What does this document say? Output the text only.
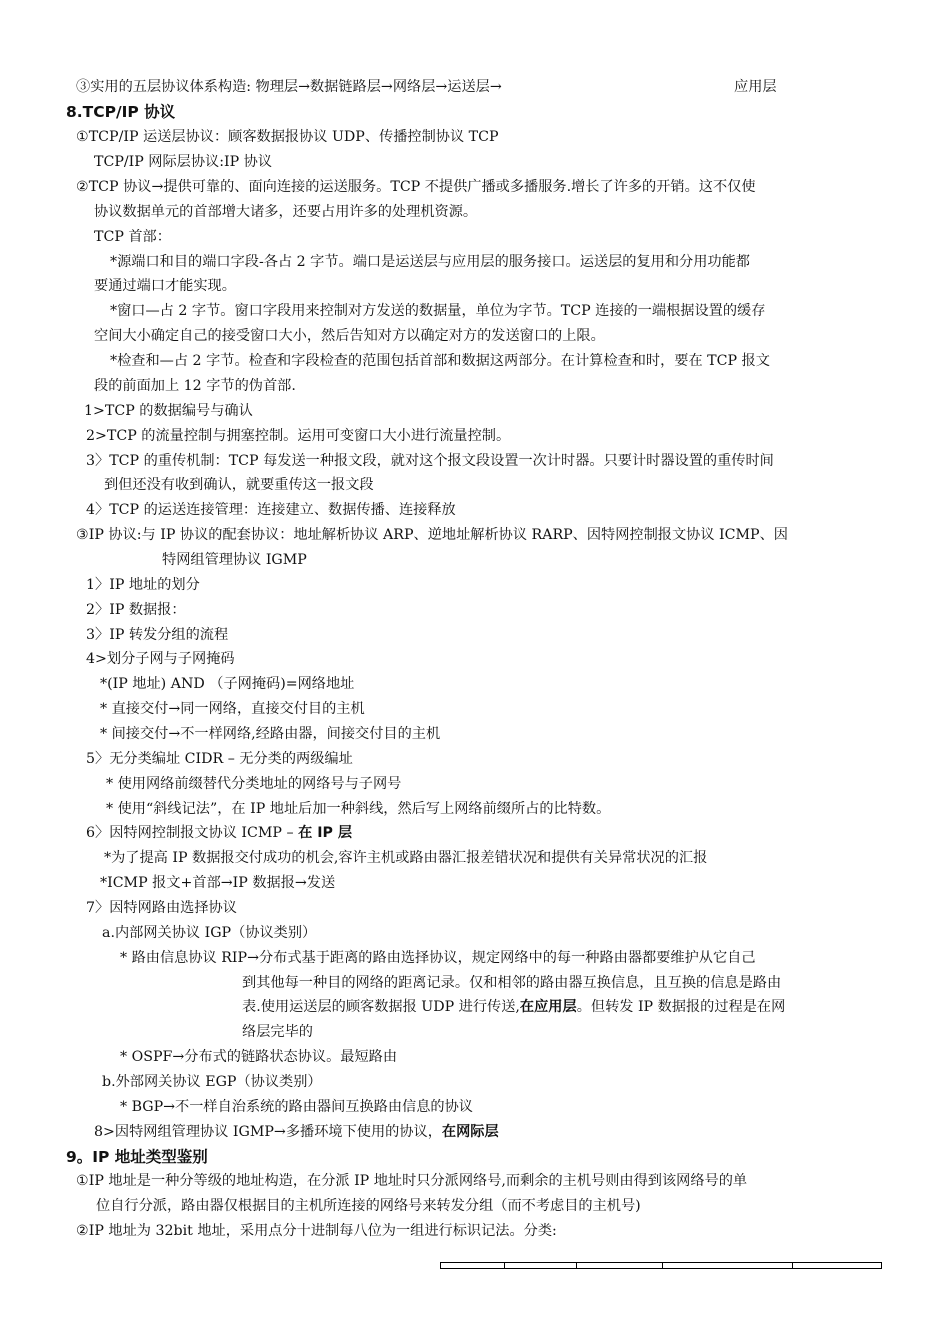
③实用的五层协议体系构造: 物理层→数据链路层→网络层→运送层→	应用层
8.TCP/IP 协议
①TCP/IP 运送层协议：顾客数据报协议 UDP、传播控制协议 TCP
TCP/IP 网际层协议:IP 协议
②TCP 协议→提供可靠的、面向连接的运送服务。TCP 不提供广播或多播服务.增长了许多的开销。这不仅使
协议数据单元的首部增大诸多，还要占用许多的处理机资源。
TCP 首部：
*源端口和目的端口字段-各占 2 字节。端口是运送层与应用层的服务接口。运送层的复用和分用功能都
要通过端口才能实现。
*窗口—占 2 字节。窗口字段用来控制对方发送的数据量，单位为字节。TCP 连接的一端根据设置的缓存
空间大小确定自己的接受窗口大小，然后告知对方以确定对方的发送窗口的上限。
*检查和—占 2 字节。检查和字段检查的范围包括首部和数据这两部分。在计算检查和时，要在 TCP 报文
段的前面加上 12 字节的伪首部.
1>TCP 的数据编号与确认
2>TCP 的流量控制与拥塞控制。运用可变窗口大小进行流量控制。
3〉TCP 的重传机制：TCP 每发送一种报文段，就对这个报文段设置一次计时器。只要计时器设置的重传时间
到但还没有收到确认，就要重传这一报文段
4〉TCP 的运送连接管理：连接建立、数据传播、连接释放
③IP 协议:与 IP 协议的配套协议：地址解析协议 ARP、逆地址解析协议 RARP、因特网控制报文协议 ICMP、因
特网组管理协议 IGMP
1〉IP 地址的划分
2〉IP 数据报：
3〉IP 转发分组的流程
4>划分子网与子网掩码
*(IP 地址) AND （子网掩码)=网络地址
* 直接交付→同一网络，直接交付目的主机
* 间接交付→不一样网络,经路由器，间接交付目的主机
5〉无分类编址 CIDR – 无分类的两级编址
* 使用网络前缀替代分类地址的网络号与子网号
* 使用“斜线记法”，在 IP 地址后加一种斜线，然后写上网络前缀所占的比特数。
6〉因特网控制报文协议 ICMP – 在 IP 层
*为了提高 IP 数据报交付成功的机会,容许主机或路由器汇报差错状况和提供有关异常状况的汇报
*ICMP 报文+首部→IP 数据报→发送
7〉因特网路由选择协议
a.内部网关协议 IGP（协议类别）
* 路由信息协议 RIP→分布式基于距离的路由选择协议，规定网络中的每一种路由器都要维护从它自己
到其他每一种目的网络的距离记录。仅和相邻的路由器互换信息，且互换的信息是路由
表.使用运送层的顾客数据报 UDP 进行传送,在应用层。但转发 IP 数据报的过程是在网
络层完毕的
* OSPF→分布式的链路状态协议。最短路由
b.外部网关协议 EGP（协议类别）
* BGP→不一样自治系统的路由器间互换路由信息的协议
8>因特网组管理协议 IGMP→多播环境下使用的协议，在网际层
9。IP 地址类型鉴别
①IP 地址是一种分等级的地址构造，在分派 IP 地址时只分派网络号,而剩余的主机号则由得到该网络号的单
位自行分派，路由器仅根据目的主机所连接的网络号来转发分组（而不考虑目的主机号)
②IP 地址为 32bit 地址，采用点分十进制每八位为一组进行标识记法。分类:
